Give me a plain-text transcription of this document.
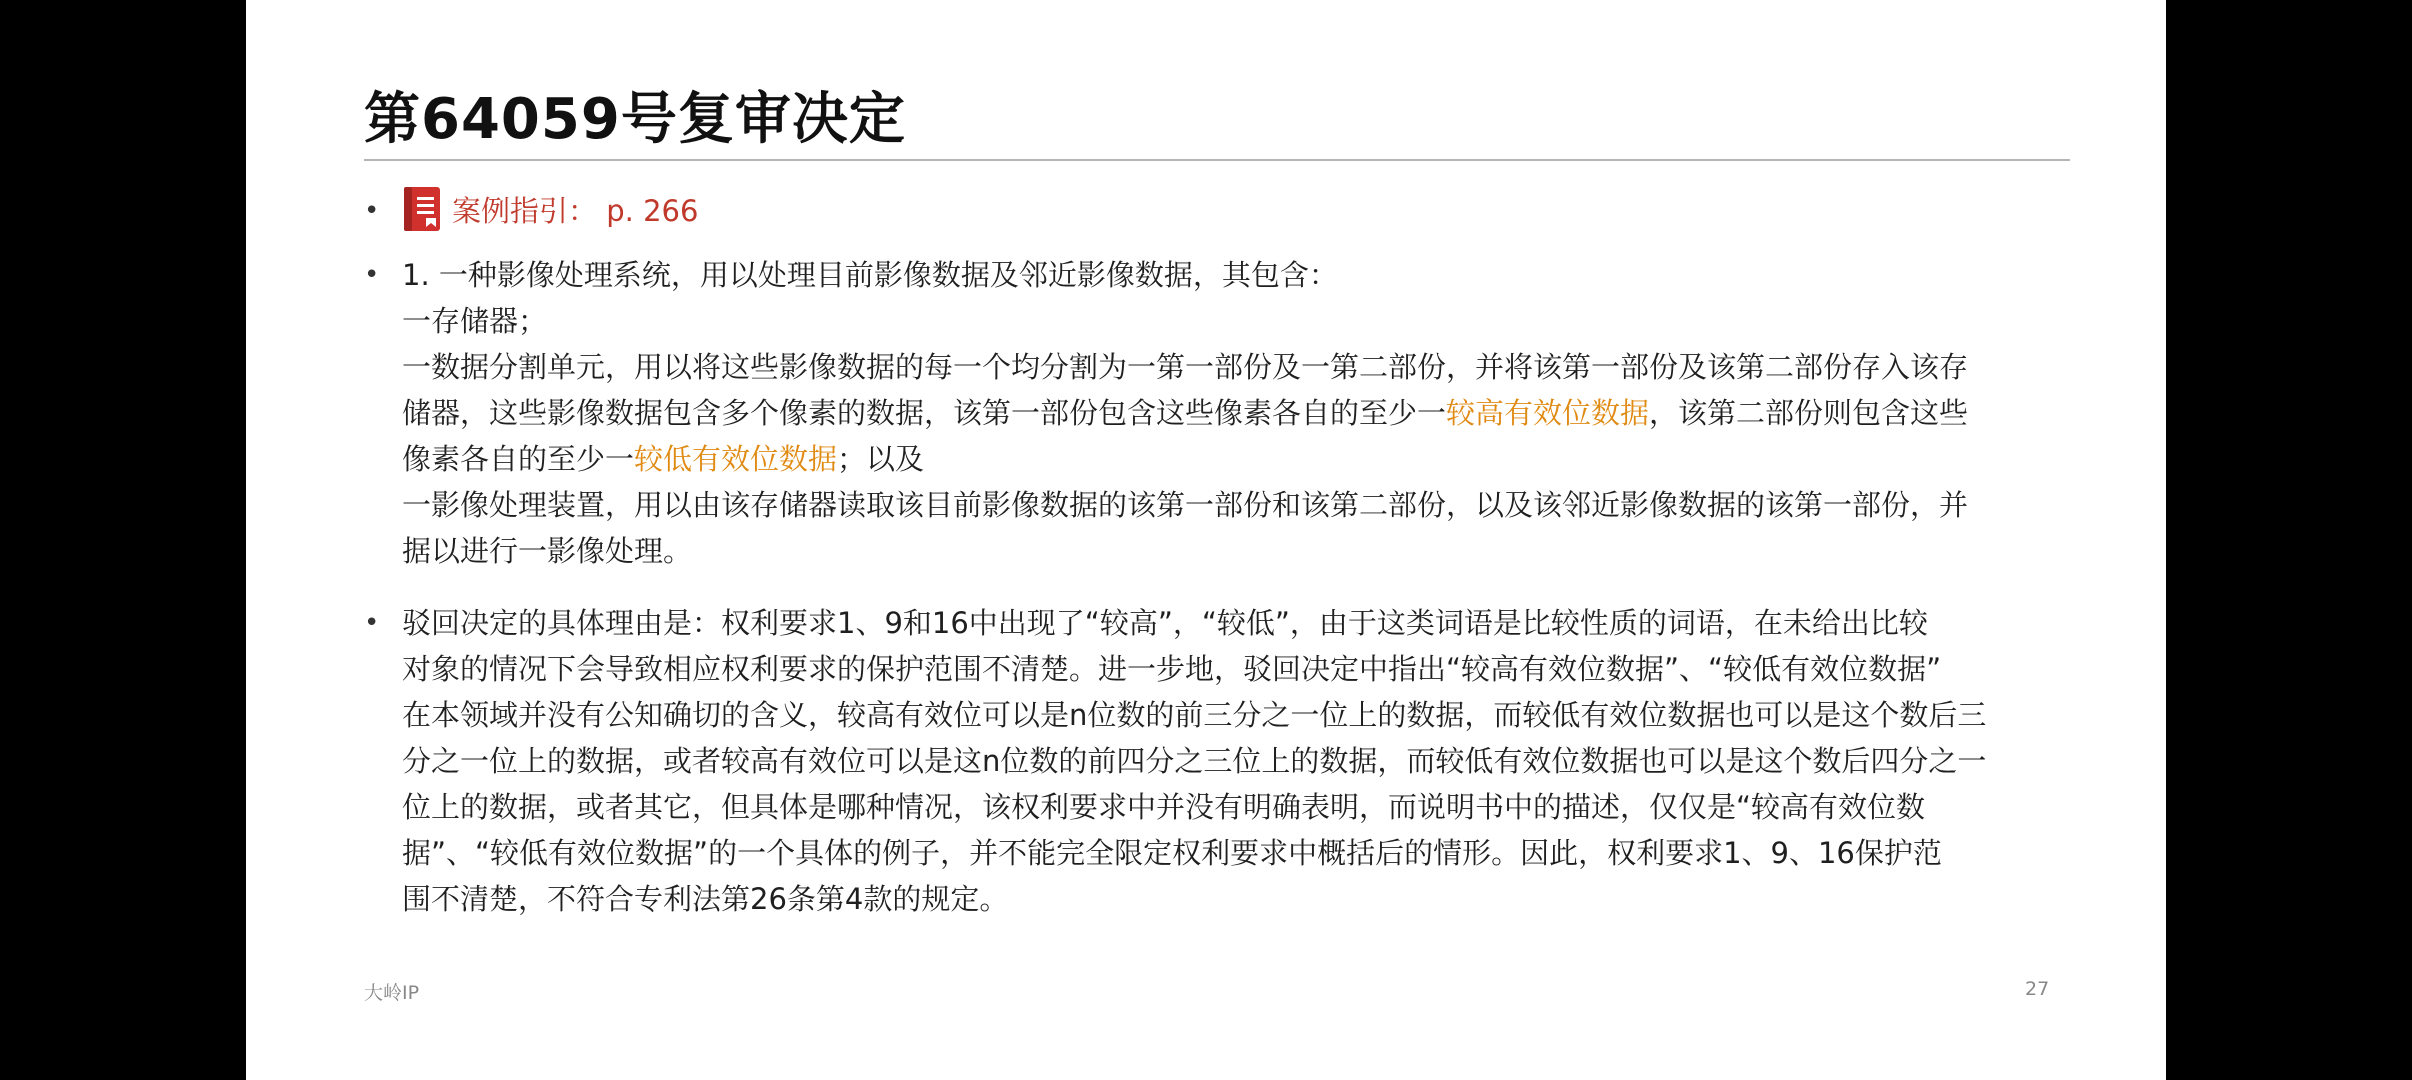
第64059号复审决定
•	案例指引： p. 266
• 1. 一种影像处理系统，用以处理目前影像数据及邻近影像数据，其包含：
一存储器；
一数据分割单元，用以将这些影像数据的每一个均分割为一第一部份及一第二部份，并将该第一部份及该第二部份存入该存
储器，这些影像数据包含多个像素的数据，该第一部份包含这些像素各自的至少一较高有效位数据，该第二部份则包含这些
像素各自的至少一较低有效位数据；以及
一影像处理装置，用以由该存储器读取该目前影像数据的该第一部份和该第二部份，以及该邻近影像数据的该第一部份，并
据以进行一影像处理。
• 驳回决定的具体理由是：权利要求1、9和16中出现了“较高”，“较低”，由于这类词语是比较性质的词语，在未给出比较
对象的情况下会导致相应权利要求的保护范围不清楚。进一步地，驳回决定中指出“较高有效位数据”、“较低有效位数据”
在本领域并没有公知确切的含义，较高有效位可以是n位数的前三分之一位上的数据，而较低有效位数据也可以是这个数后三
分之一位上的数据，或者较高有效位可以是这n位数的前四分之三位上的数据，而较低有效位数据也可以是这个数后四分之一
位上的数据，或者其它，但具体是哪种情况，该权利要求中并没有明确表明，而说明书中的描述，仅仅是“较高有效位数
据”、“较低有效位数据”的一个具体的例子，并不能完全限定权利要求中概括后的情形。因此，权利要求1、9、16保护范
围不清楚，不符合专利法第26条第4款的规定。
大岭IP	27
